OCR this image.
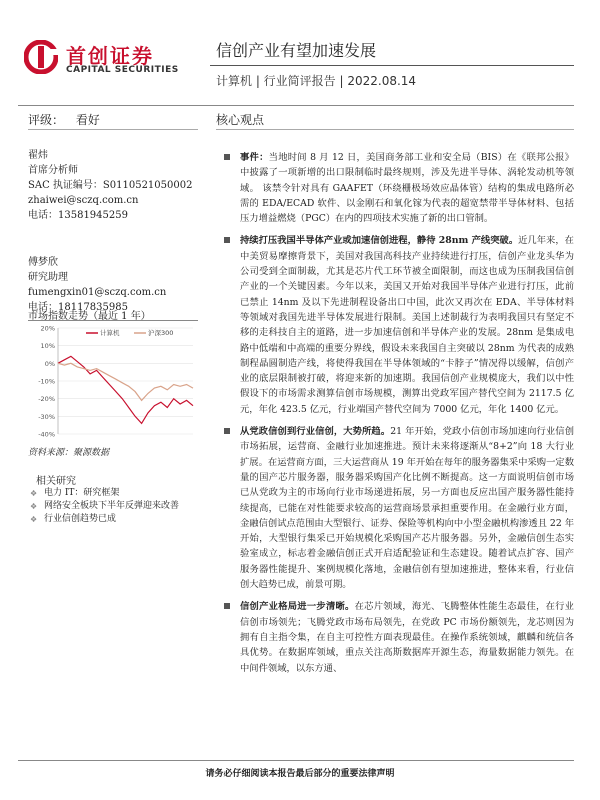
首创证券
CAPITAL SECURITIES
信创产业有望加速发展
计算机 | 行业简评报告 | 2022.08.14
评级： 看好
翟炜
首席分析师
SAC 执证编号：S0110521050002
zhaiwei@sczq.com.cn
电话：13581945259
傅梦欣
研究助理
fumengxin01@sczq.com.cn
电话：18117835985
市场指数走势（最近 1 年）
20%
10%
0%
-10%
-20%
-30%
-40%
计算机	沪深300
资料来源：聚源数据
相关研究
❖ 电力 IT：研究框架
❖ 网络安全板块下半年反弹迎来改善
❖ 行业信创趋势已成
核心观点

事件：当地时间 8 月 12 日，美国商务部工业和安全局（BIS）在《联邦公报》中披露了一项新增的出口限制临时最终规则，涉及先进半导体、涡轮发动机等领域。 该禁令针对具有 GAAFET（环绕栅极场效应晶体管）结构的集成电路所必需的 EDA/ECAD 软件、以金刚石和氧化镓为代表的超宽禁带半导体材料、包括压力增益燃烧（PGC）在内的四项技术实施了新的出口管制。

持续打压我国半导体产业或加速信创进程，静待 28nm 产线突破。近几年来，在中美贸易摩擦背景下，美国对我国高科技产业持续进行打压，信创产业龙头华为公司受到全面制裁，尤其是芯片代工环节被全面限制，而这也成为压制我国信创产业的一个关键因素。今年以来，美国又开始对我国半导体产业进行打压，此前已禁止 14nm 及以下先进制程设备出口中国，此次又再次在 EDA、半导体材料等领域对我国先进半导体发展进行限制。美国上述制裁行为表明我国只有坚定不移的走科技自主的道路，进一步加速信创和半导体产业的发展。28nm 是集成电路中低端和中高端的重要分界线，假设未来我国自主突破以 28nm 为代表的成熟制程晶圆制造产线，将使得我国在半导体领域的“卡脖子”情况得以缓解，信创产业的底层限制被打破，将迎来新的加速期。我国信创产业规模庞大，我们以中性假设下的市场需求测算信创市场规模，测算出党政军国产替代空间为 2117.5 亿元，年化 423.5 亿元，行业端国产替代空间为 7000 亿元，年化 1400 亿元。

从党政信创到行业信创，大势所趋。21 年开始，党政小信创市场加速向行业信创市场拓展，运营商、金融行业加速推进。预计未来将逐渐从“8+2”向 18 大行业扩展。在运营商方面，三大运营商从 19 年开始在每年的服务器集采中采购一定数量的国产芯片服务器，服务器采购国产化比例不断提高。这一方面说明信创市场已从党政为主的市场向行业市场递进拓展，另一方面也反应出国产服务器性能持续提高，已能在对性能要求较高的运营商场景承担重要作用。在金融行业方面，金融信创试点范围由大型银行、证券、保险等机构向中小型金融机构渗透且 22 年开始，大型银行集采已开始规模化采购国产芯片服务器。另外，金融信创生态实验室成立，标志着金融信创正式开启适配验证和生态建设。随着试点扩容、国产服务器性能提升、案例规模化落地，金融信创有望加速推进，整体来看，行业信创大趋势已成，前景可期。

信创产业格局进一步清晰。在芯片领域，海光、飞腾整体性能生态最佳，在行业信创市场领先；飞腾党政市场布局领先，在党政 PC 市场份额领先，龙芯则因为拥有自主指令集，在自主可控性方面表现最佳。在操作系统领域，麒麟和统信各具优势。在数据库领域，重点关注高斯数据库开源生态，海量数据能力领先。在中间件领域，以东方通、

请务必仔细阅读本报告最后部分的重要法律声明
